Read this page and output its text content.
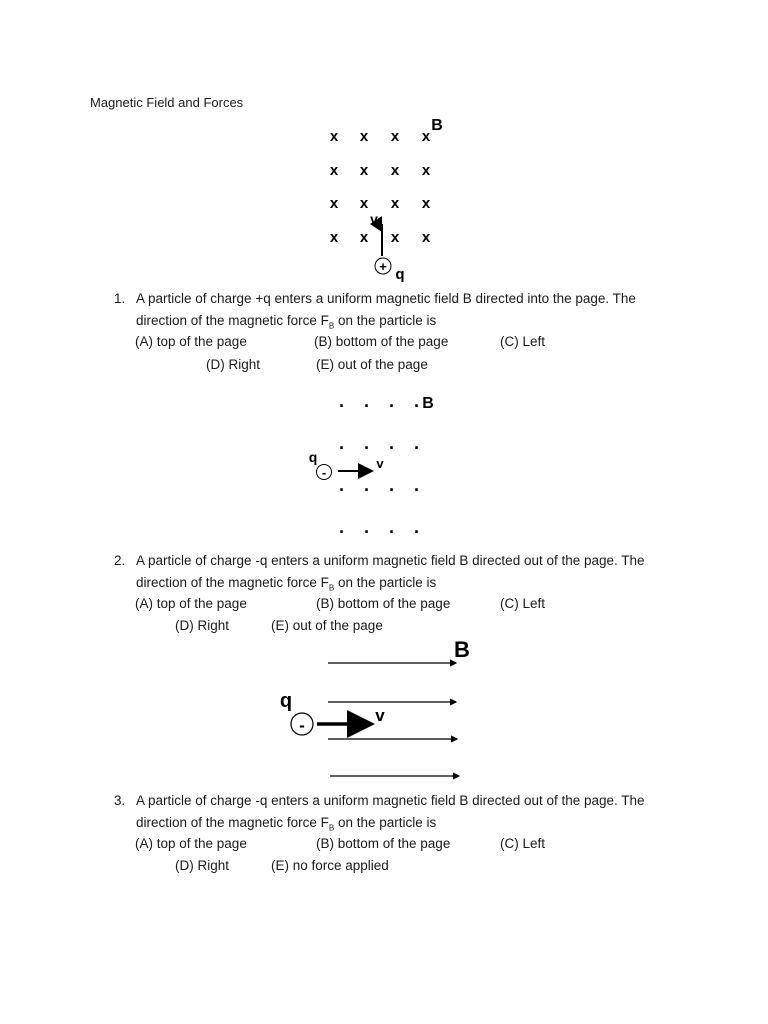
Magnetic Field and Forces
x x x x
x x x x
x x x x
x x x x
B
v
+ q
1. A particle of charge +q enters a uniform magnetic field B directed into the page. The
direction of the magnetic force $F_B$ on the particle is
(A) top of the page	(B) bottom of the page	(C) Left
(D) Right	(E) out of the page
· · · ·
· · · ·
· · · ·
· · · ·
B
q
-
v
2. A particle of charge -q enters a uniform magnetic field B directed out of the page. The
direction of the magnetic force $F_B$ on the particle is
(A) top of the page	(B) bottom of the page	(C) Left
(D) Right	(E) out of the page
B
q
-
v
3. A particle of charge -q enters a uniform magnetic field B directed out of the page. The
direction of the magnetic force $F_B$ on the particle is
(A) top of the page	(B) bottom of the page	(C) Left
(D) Right	(E) no force applied
